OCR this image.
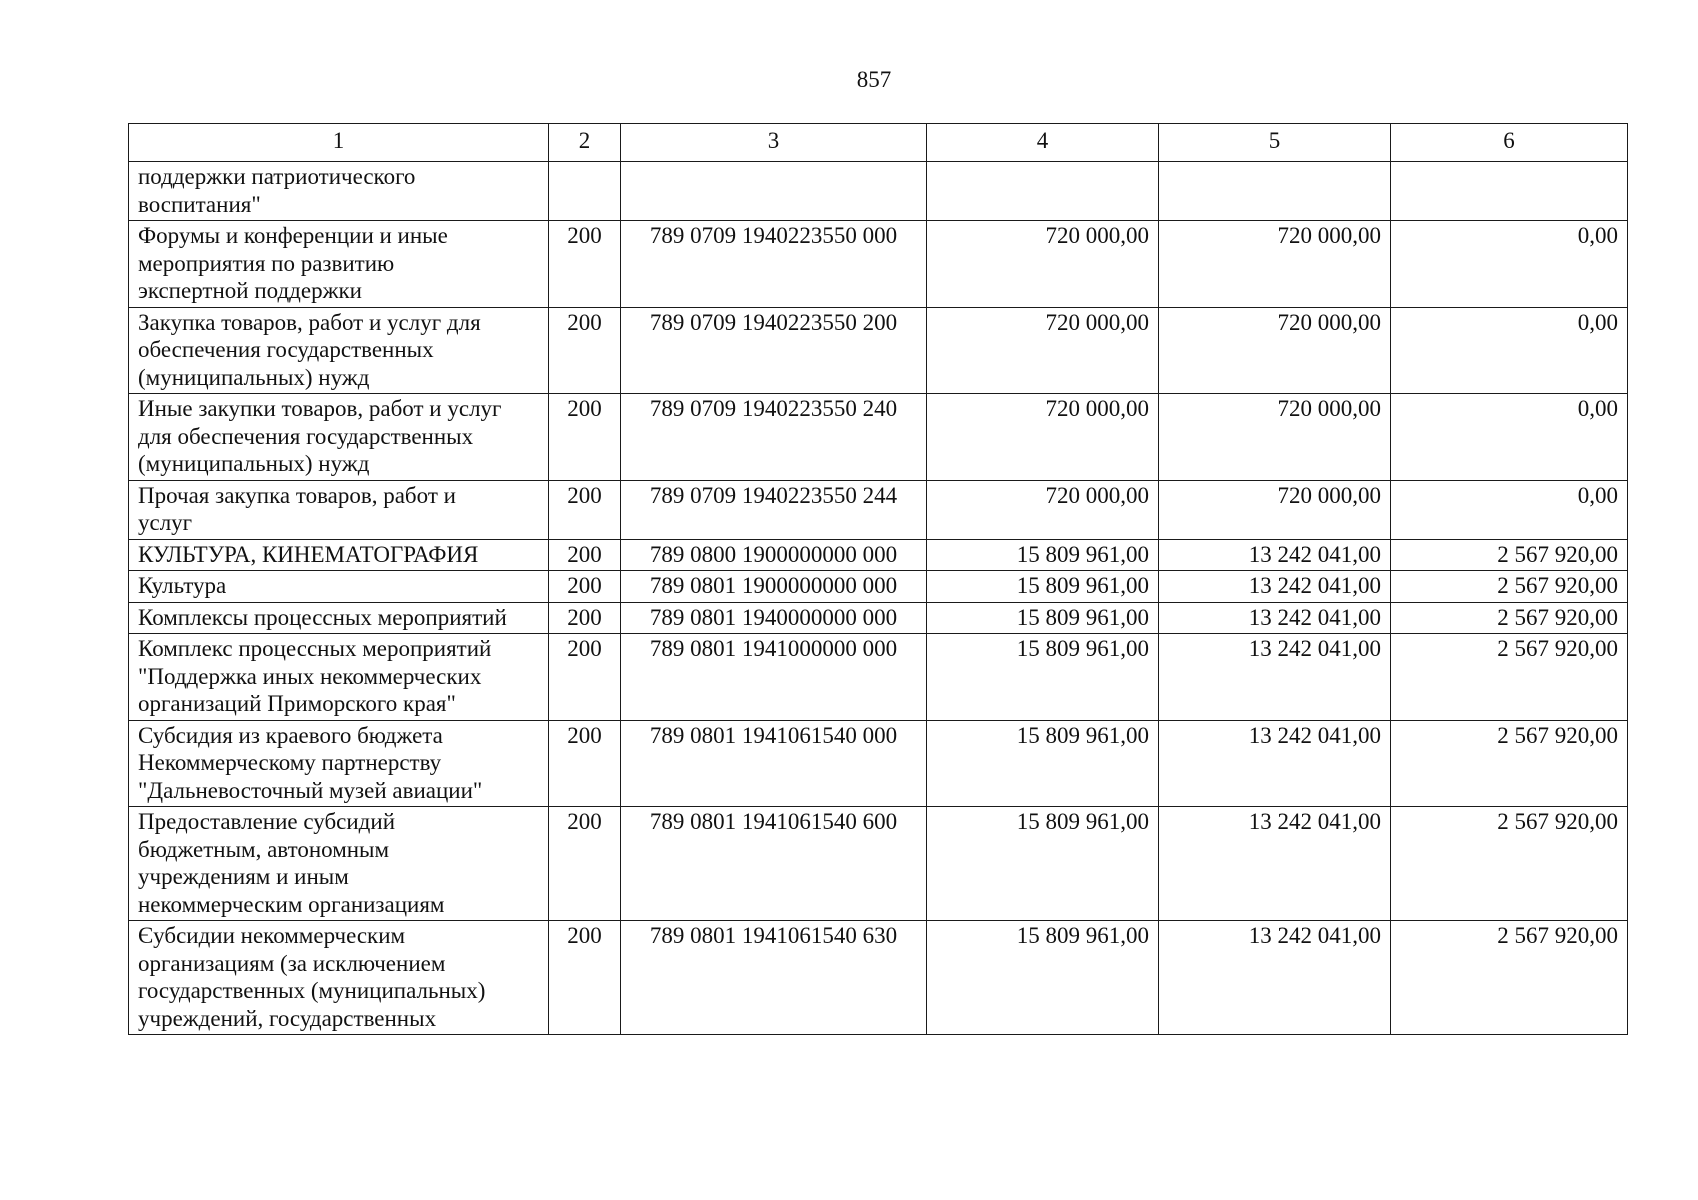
857
1	2	3	4	5	6

поддержки патриотического
воспитания"					

Форумы и конференции и иные
мероприятия по развитию
экспертной поддержки	200	789 0709 1940223550 000	720 000,00	720 000,00	0,00

Закупка товаров, работ и услуг для
обеспечения государственных
(муниципальных) нужд	200	789 0709 1940223550 200	720 000,00	720 000,00	0,00

Иные закупки товаров, работ и услуг
для обеспечения государственных
(муниципальных) нужд	200	789 0709 1940223550 240	720 000,00	720 000,00	0,00

Прочая закупка товаров, работ и
услуг	200	789 0709 1940223550 244	720 000,00	720 000,00	0,00

КУЛЬТУРА, КИНЕМАТОГРАФИЯ	200	789 0800 1900000000 000	15 809 961,00	13 242 041,00	2 567 920,00

Культура	200	789 0801 1900000000 000	15 809 961,00	13 242 041,00	2 567 920,00

Комплексы процессных мероприятий	200	789 0801 1940000000 000	15 809 961,00	13 242 041,00	2 567 920,00

Комплекс процессных мероприятий
"Поддержка иных некоммерческих
организаций Приморского края"	200	789 0801 1941000000 000	15 809 961,00	13 242 041,00	2 567 920,00

Субсидия из краевого бюджета
Некоммерческому партнерству
"Дальневосточный музей авиации"	200	789 0801 1941061540 000	15 809 961,00	13 242 041,00	2 567 920,00

Предоставление субсидий
бюджетным, автономным
учреждениям и иным
некоммерческим организациям	200	789 0801 1941061540 600	15 809 961,00	13 242 041,00	2 567 920,00

Єубсидии некоммерческим
организациям (за исключением
государственных (муниципальных)
учреждений, государственных	200	789 0801 1941061540 630	15 809 961,00	13 242 041,00	2 567 920,00
